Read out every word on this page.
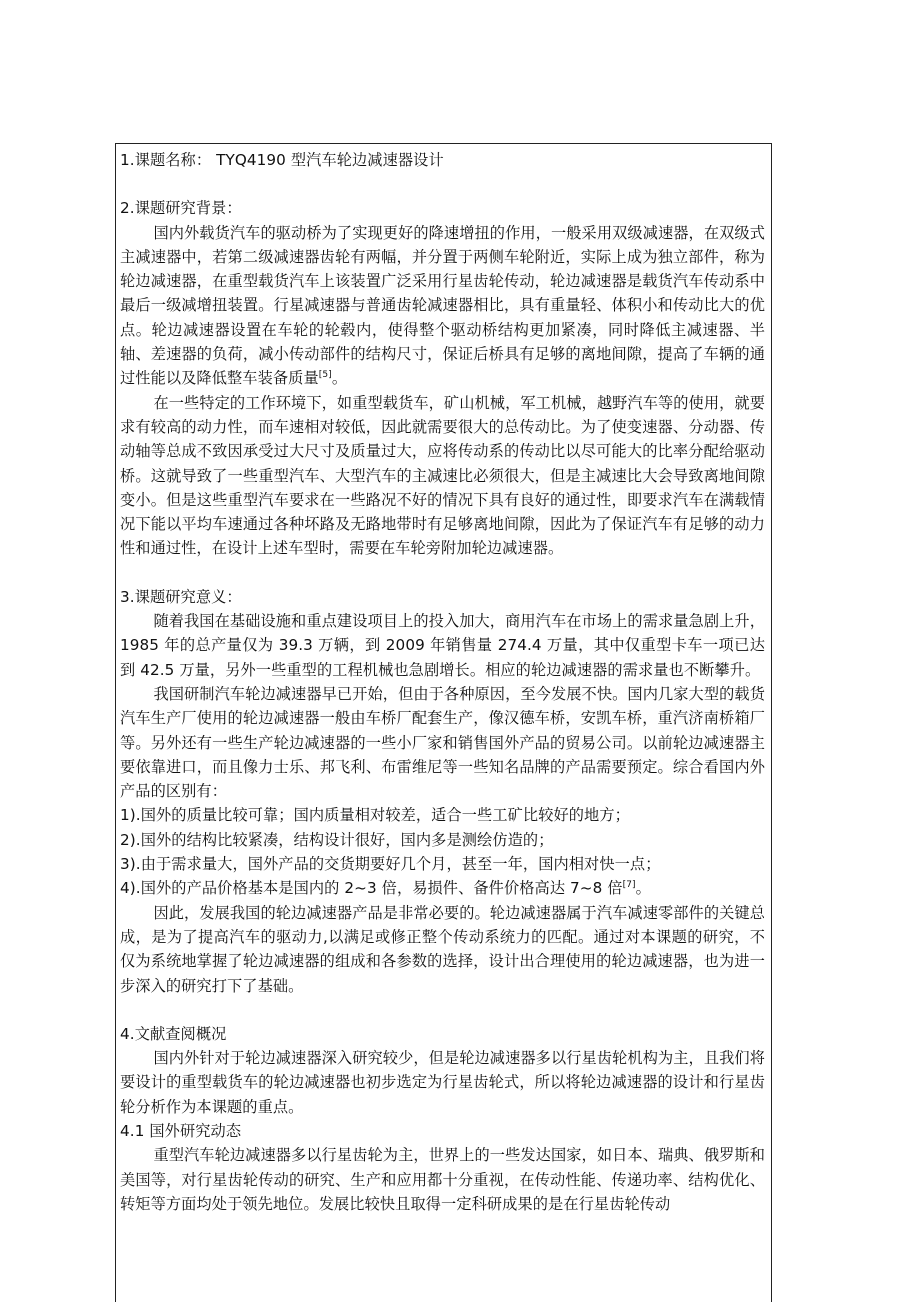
1.课题名称： TYQ4190 型汽车轮边减速器设计

2.课题研究背景：

国内外载货汽车的驱动桥为了实现更好的降速增扭的作用，一般采用双级减速器，在双级式主减速器中，若第二级减速器齿轮有两幅，并分置于两侧车轮附近，实际上成为独立部件，称为轮边减速器，在重型载货汽车上该装置广泛采用行星齿轮传动，轮边减速器是载货汽车传动系中最后一级减增扭装置。行星减速器与普通齿轮减速器相比，具有重量轻、体积小和传动比大的优点。轮边减速器设置在车轮的轮毂内，使得整个驱动桥结构更加紧凑，同时降低主减速器、半轴、差速器的负荷，减小传动部件的结构尺寸，保证后桥具有足够的离地间隙，提高了车辆的通过性能以及降低整车装备质量[5]。

在一些特定的工作环境下，如重型载货车，矿山机械，军工机械，越野汽车等的使用，就要求有较高的动力性，而车速相对较低，因此就需要很大的总传动比。为了使变速器、分动器、传动轴等总成不致因承受过大尺寸及质量过大，应将传动系的传动比以尽可能大的比率分配给驱动桥。这就导致了一些重型汽车、大型汽车的主减速比必须很大，但是主减速比大会导致离地间隙变小。但是这些重型汽车要求在一些路况不好的情况下具有良好的通过性，即要求汽车在满载情况下能以平均车速通过各种坏路及无路地带时有足够离地间隙，因此为了保证汽车有足够的动力性和通过性，在设计上述车型时，需要在车轮旁附加轮边减速器。

3.课题研究意义：

随着我国在基础设施和重点建设项目上的投入加大，商用汽车在市场上的需求量急剧上升，1985 年的总产量仅为 39.3 万辆，到 2009 年销售量 274.4 万量，其中仅重型卡车一项已达到 42.5 万量，另外一些重型的工程机械也急剧增长。相应的轮边减速器的需求量也不断攀升。

我国研制汽车轮边减速器早已开始，但由于各种原因，至今发展不快。国内几家大型的载货汽车生产厂使用的轮边减速器一般由车桥厂配套生产，像汉德车桥，安凯车桥，重汽济南桥箱厂等。另外还有一些生产轮边减速器的一些小厂家和销售国外产品的贸易公司。以前轮边减速器主要依靠进口，而且像力士乐、邦飞利、布雷维尼等一些知名品牌的产品需要预定。综合看国内外产品的区别有：

1).国外的质量比较可靠；国内质量相对较差，适合一些工矿比较好的地方；

2).国外的结构比较紧凑，结构设计很好，国内多是测绘仿造的；

3).由于需求量大，国外产品的交货期要好几个月，甚至一年，国内相对快一点；

4).国外的产品价格基本是国内的 2~3 倍，易损件、备件价格高达 7~8 倍[7]。

因此，发展我国的轮边减速器产品是非常必要的。轮边减速器属于汽车减速零部件的关键总成，是为了提高汽车的驱动力,以满足或修正整个传动系统力的匹配。通过对本课题的研究，不仅为系统地掌握了轮边减速器的组成和各参数的选择，设计出合理使用的轮边减速器，也为进一步深入的研究打下了基础。

4.文献查阅概况

国内外针对于轮边减速器深入研究较少，但是轮边减速器多以行星齿轮机构为主，且我们将要设计的重型载货车的轮边减速器也初步选定为行星齿轮式，所以将轮边减速器的设计和行星齿轮分析作为本课题的重点。

4.1 国外研究动态

重型汽车轮边减速器多以行星齿轮为主，世界上的一些发达国家，如日本、瑞典、俄罗斯和美国等，对行星齿轮传动的研究、生产和应用都十分重视，在传动性能、传递功率、结构优化、转矩等方面均处于领先地位。发展比较快且取得一定科研成果的是在行星齿轮传动
